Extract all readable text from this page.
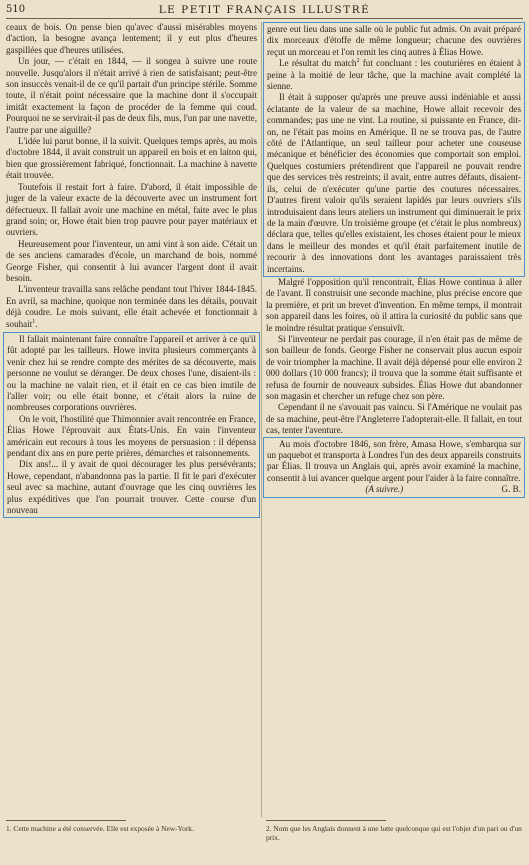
510	LE PETIT FRANÇAIS ILLUSTRÉ

ceaux de bois. On pense bien qu'avec d'aussi misérables moyens d'action, la besogne avança lentement; il y eut plus d'heures gaspillées que d'heures utilisées.

Un jour, — c'était en 1844, — il songea à suivre une route nouvelle. Jusqu'alors il n'était arrivé à rien de satisfaisant; peut-être son insuccès venait-il de ce qu'il partait d'un principe stérile. Somme toute, il n'était point nécessaire que la machine dont il s'occupait imitât exactement la façon de procéder de la femme qui coud. Pourquoi ne se servirait-il pas de deux fils, mus, l'un par une navette, l'autre par une aiguille?

L'idée lui parut bonne, il la suivit. Quelques temps après, au mois d'octobre 1844, il avait construit un appareil en bois et en laiton qui, bien que grossièrement fabriqué, fonctionnait. La machine à navette était trouvée.

Toutefois il restait fort à faire. D'abord, il était impossible de juger de la valeur exacte de la découverte avec un instrument fort défectueux. Il fallait avoir une machine en métal, faite avec le plus grand soin; or, Howe était bien trop pauvre pour payer matériaux et ouvriers.

Heureusement pour l'inventeur, un ami vint à son aide. C'était un de ses anciens camarades d'école, un marchand de bois, nommé George Fisher, qui consentit à lui avancer l'argent dont il avait besoin.

L'inventeur travailla sans relâche pendant tout l'hiver 1844-1845. En avril, sa machine, quoique non terminée dans les détails, pouvait déjà coudre. Le mois suivant, elle était achevée et fonctionnait à souhait$^1$.

Il fallait maintenant faire connaître l'appareil et arriver à ce qu'il fût adopté par les tailleurs. Howe invita plusieurs commerçants à venir chez lui se rendre compte des mérites de sa découverte, mais personne ne voulut se déranger. De deux choses l'une, disaient-ils : ou la machine ne valait rien, et il était en ce cas bien inutile de l'aller voir; ou elle était bonne, et c'était alors la ruine de nombreuses corporations ouvrières.

On le voit, l'hostilité que Thimonnier avait rencontrée en France, Élias Howe l'éprouvait aux États-Unis. En vain l'inventeur américain eut recours à tous les moyens de persuasion : il dépensa pendant dix ans en pure perte prières, démarches et raisonnements.

Dix ans!... il y avait de quoi décourager les plus persévérants; Howe, cependant, n'abandonna pas la partie. Il fit le pari d'exécuter seul avec sa machine, autant d'ouvrage que les cinq ouvrières les plus expéditives que l'on pourrait trouver. Cette course d'un nouveau

genre eut lieu dans une salle où le public fut admis. On avait préparé dix morceaux d'étoffe de même longueur; chacune des ouvrières reçut un morceau et l'on remit les cinq autres à Élias Howe.

Le résultat du match$^2$ fut concluant : les couturières en étaient à peine à la moitié de leur tâche, que la machine avait complété la sienne.

Il était à supposer qu'après une preuve aussi indéniable et aussi éclatante de la valeur de sa machine, Howe allait recevoir des commandes; pas une ne vint. La routine, si puissante en France, dit-on, ne l'était pas moins en Amérique. Il ne se trouva pas, de l'autre côté de l'Atlantique, un seul tailleur pour acheter une couseuse mécanique et bénéficier des économies que comportait son emploi. Quelques costumiers prétendirent que l'appareil ne pouvait rendre que des services très restreints; il avait, entre autres défauts, disaient-ils, celui de n'exécuter qu'une partie des coutures nécessaires. D'autres firent valoir qu'ils seraient lapidés par leurs ouvriers s'ils introduisaient dans leurs ateliers un instrument qui diminuerait le prix de la main d'œuvre. Un troisième groupe (et c'était le plus nombreux) déclara que, telles qu'elles existaient, les choses étaient pour le mieux dans le meilleur des mondes et qu'il était parfaitement inutile de recourir à des innovations dont les avantages paraissaient très incertains.

Malgré l'opposition qu'il rencontrait, Élias Howe continua à aller de l'avant. Il construisit une seconde machine, plus précise encore que la première, et prit un brevet d'invention. En même temps, il montrait son appareil dans les foires, où il attira la curiosité du public sans que le moindre résultat pratique s'ensuivît.

Si l'inventeur ne perdait pas courage, il n'en était pas de même de son bailleur de fonds. George Fisher ne conservait plus aucun espoir de voir triompher la machine. Il avait déjà dépensé pour elle environ 2 000 dollars (10 000 francs); il trouva que la somme était suffisante et refusa de fournir de nouveaux subsides. Élias Howe dut abandonner son magasin et chercher un refuge chez son père.

Cependant il ne s'avouait pas vaincu. Si l'Amérique ne voulait pas de sa machine, peut-être l'Angleterre l'adopterait-elle. Il fallait, en tout cas, tenter l'aventure.

Au mois d'octobre 1846, son frère, Amasa Howe, s'embarqua sur un paquebot et transporta à Londres l'un des deux appareils construits par Élias. Il trouva un Anglais qui, après avoir examiné la machine, consentit à lui avancer quelque argent pour l'aider à la faire connaître.

(A suivre.)	G. B.

1. Cette machine a été conservée. Elle est exposée à New-York.	2. Nom que les Anglais donnent à une lutte quelconque qui est l'objet d'un pari ou d'un prix.
